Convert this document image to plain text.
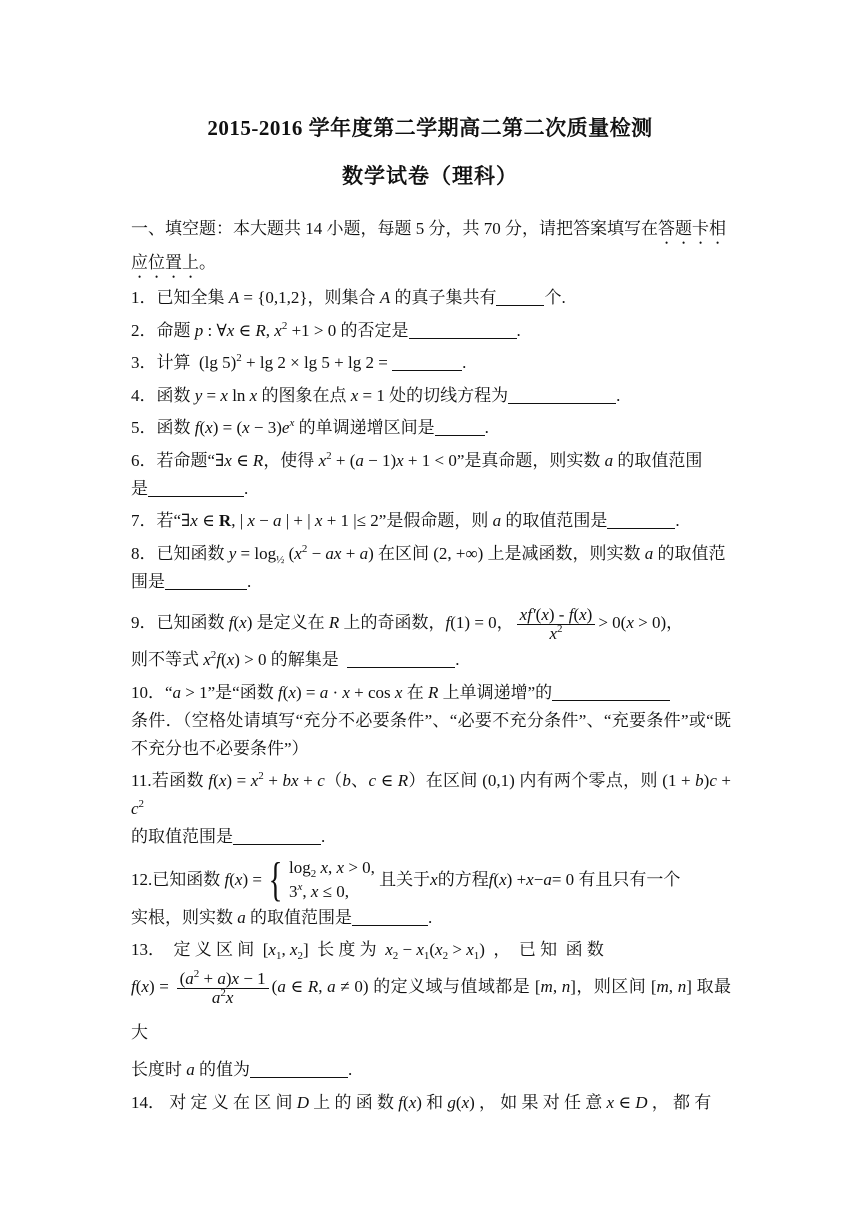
2015-2016 学年度第二学期高二第二次质量检测
数学试卷（理科）
一、填空题：本大题共 14 小题，每题 5 分，共 70 分，请把答案填写在答题卡相
应位置上。
1．已知全集 A = {0,1,2}，则集合 A 的真子集共有	个.
2．命题 p : ∀x ∈ R, $x^2 +1 > 0$ 的否定是	.
3．计算  (lg 5)$^2$ + lg 2 × lg 5 + lg 2 =	.
4．函数 y = x ln x 的图象在点 x = 1 处的切线方程为	.
5．函数 $f(x) = (x - 3)e^x$ 的单调递增区间是	.
6．若命题“∃x ∈ R，使得 $x^2 + (a - 1)x + 1 < 0$”是真命题，则实数 a 的取值范围
是	.
7．若“∃x ∈ R, | x − a | + | x + 1 |≤ 2”是假命题，则 a 的取值范围是	.
8．已知函数 $y = \log_{\frac{1}{2}} (x^2$ − ax + a) 在区间 (2, +∞) 上是减函数，则实数 a 的取值范
围是	.
9．已知函数 f(x) 是定义在 R 上的奇函数，f(1) = 0， $\frac{xf'(x) - f(x)}{x^2} > 0(x > 0)$，
则不等式 $x^2f(x) > 0$ 的解集是	.
10．“a > 1”是“函数 f(x) = a · x + cos x 在 R 上单调递增”的
条件．（空格处请填写“充分不必要条件”、“必要不充分条件”、“充要条件”或“既不充分也不必要条件”）
11.若函数 $f(x) = x^2$ + bx + c（b、c ∈ R）在区间 (0,1) 内有两个零点，则 $(1 + b)c + c^2$
的取值范围是	.
12. 已知函数 f ( x ) = { $\log_2 x$, x > 0,
3$^x$, x ≤ 0,
且关于 x 的方程 f ( x ) + x − a = 0 有且只有一个
实根，则实数 a 的取值范围是	.
13．  定 义 区 间  [$x_1$, $x_2$]  长 度 为  $x_2 - x_1(x_2 > x_1)$  ，  已 知  函 数
$f(x) = \frac{(a^2 + a)x - 1}{a^2x} (a$ ∈ R, a ≠ 0) 的定义域与值域都是 [m, n]，则区间 [m, n] 取最大
长度时 a 的值为	.
14． 对 定 义 在 区 间 D 上 的 函 数 f(x) 和 g(x) ， 如 果 对 任 意 x ∈ D ， 都 有
